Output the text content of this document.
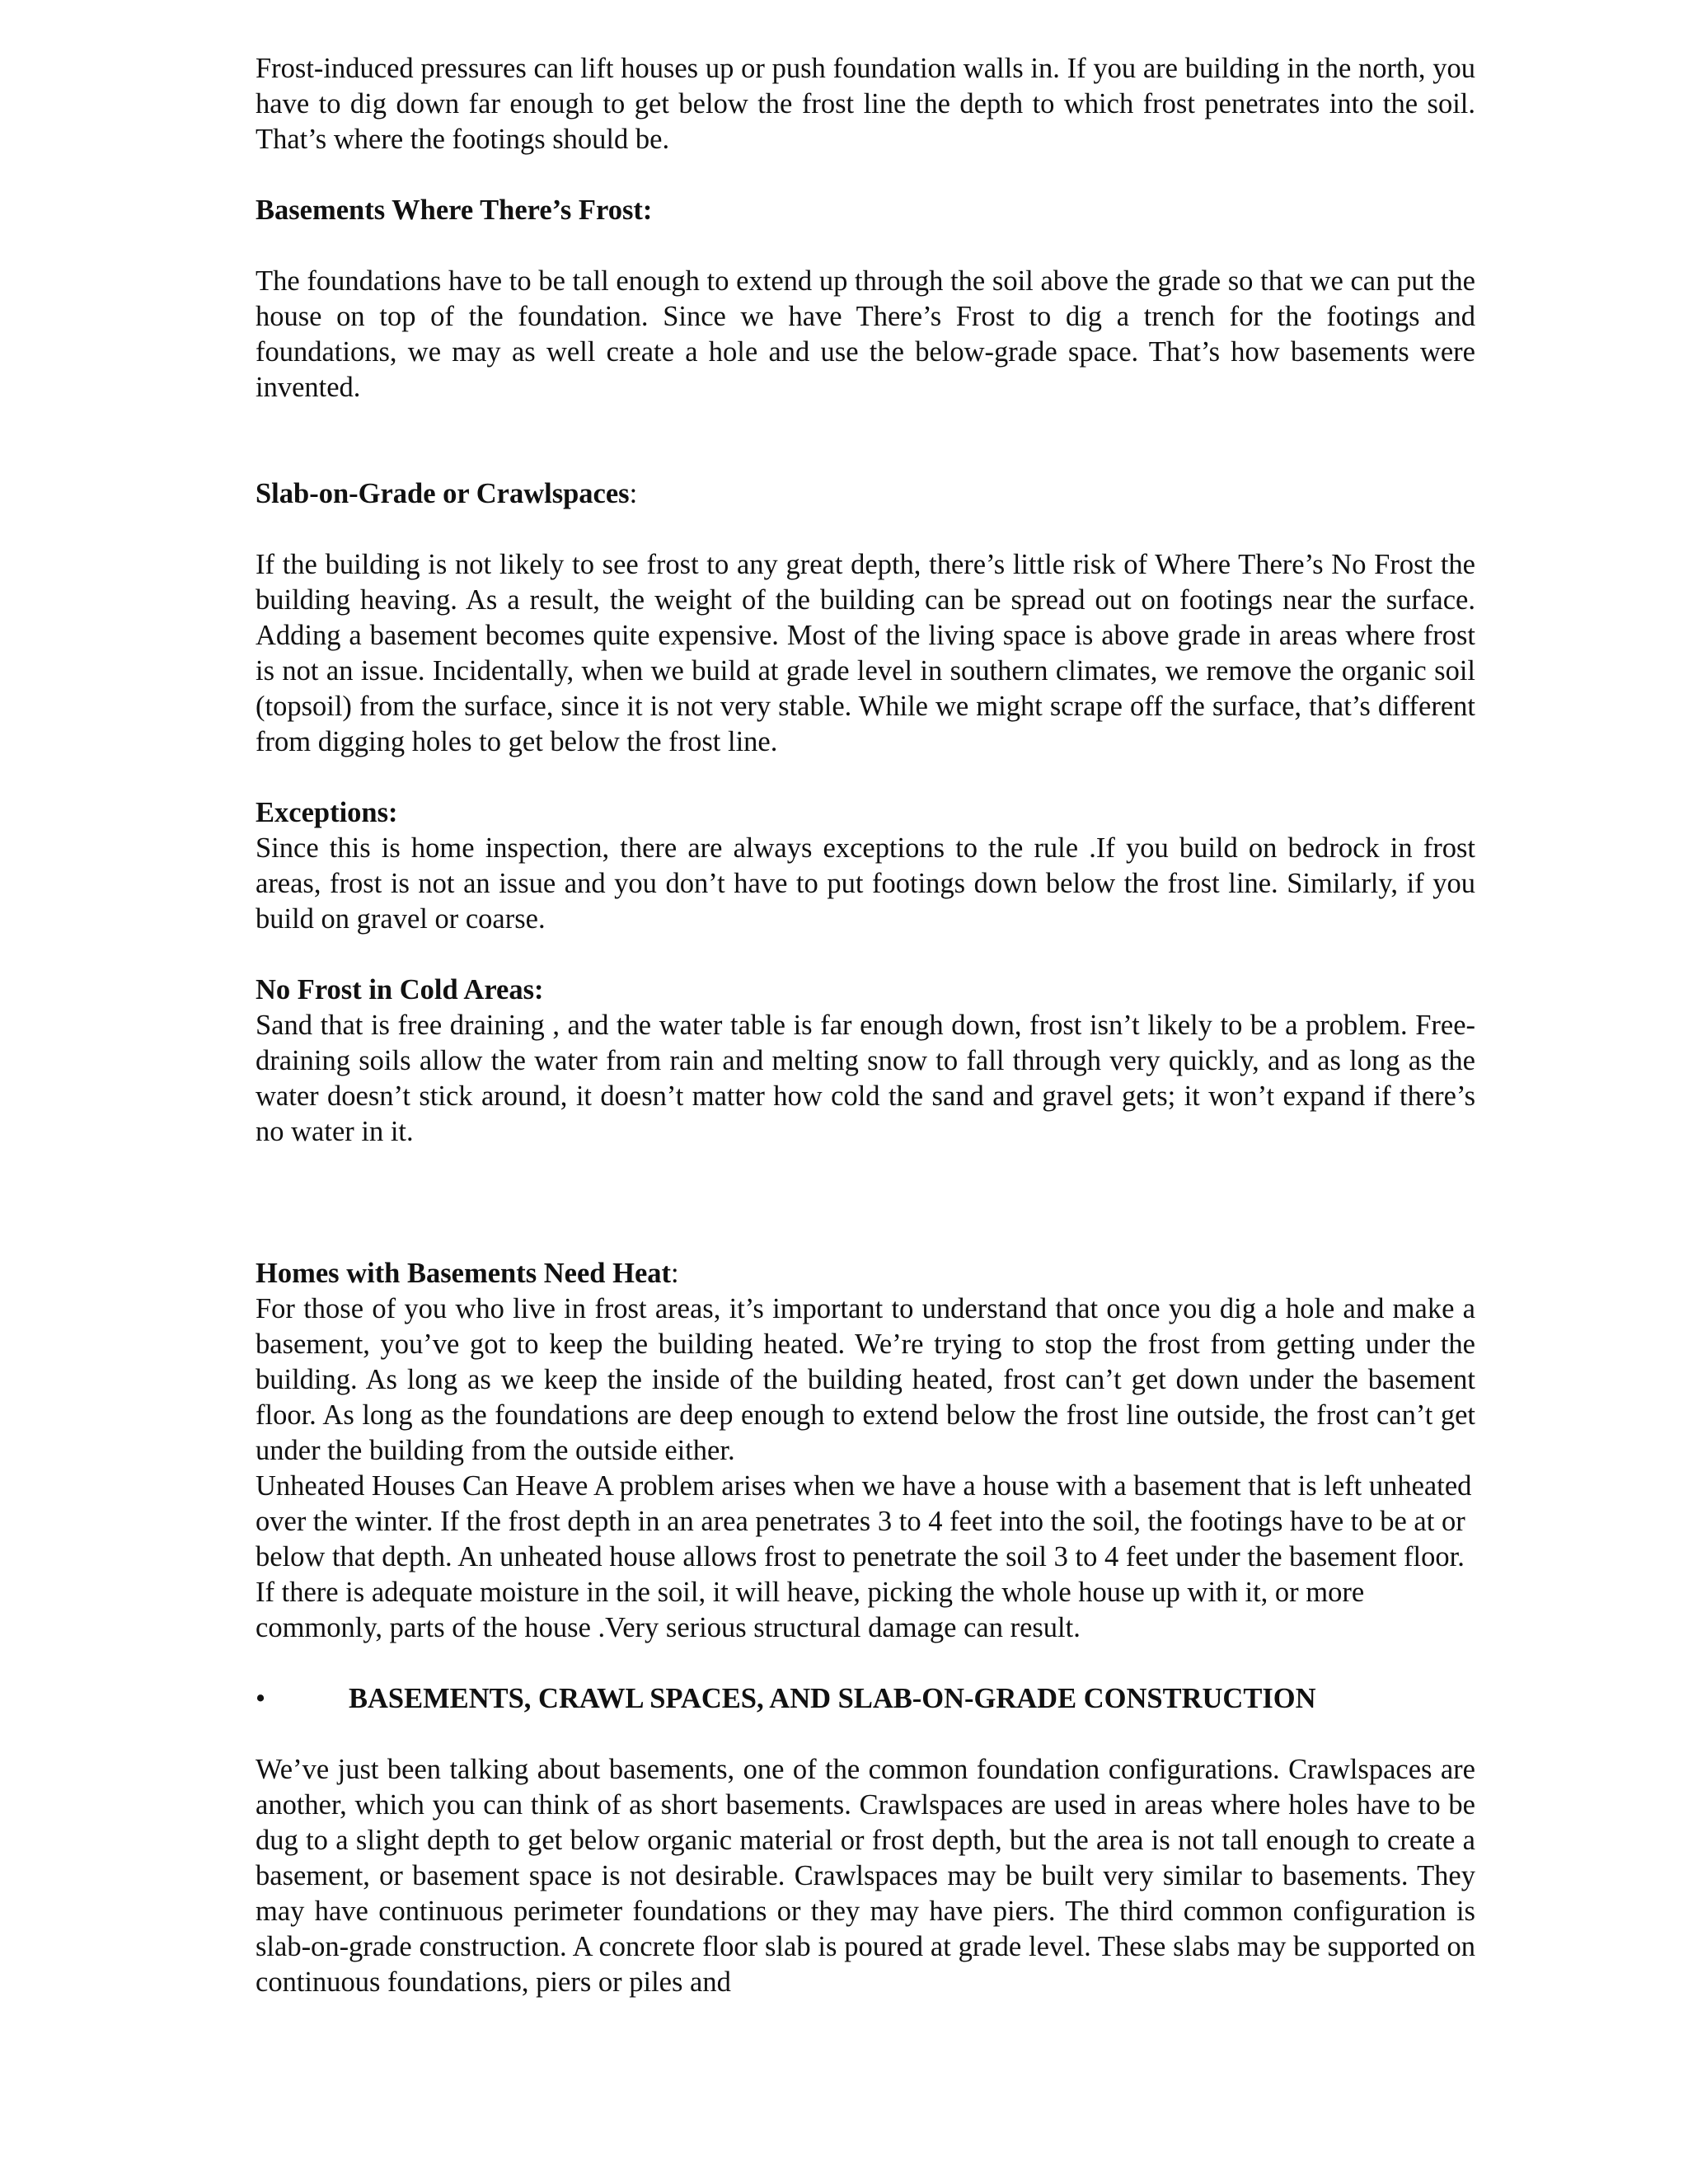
Frost-induced pressures can lift houses up or push foundation walls in. If you are building in the north, you have to dig down far enough to get below the frost line the depth to which frost penetrates into the soil. That’s where the footings should be.

Basements Where There’s Frost:

The foundations have to be tall enough to extend up through the soil above the grade so that we can put the house on top of the foundation. Since we have There’s Frost to dig a trench for the footings and foundations, we may as well create a hole and use the below-grade space. That’s how basements were invented.

Slab-on-Grade or Crawlspaces:

If the building is not likely to see frost to any great depth, there’s little risk of Where There’s No Frost the building heaving. As a result, the weight of the building can be spread out on footings near the surface. Adding a basement becomes quite expensive. Most of the living space is above grade in areas where frost is not an issue. Incidentally, when we build at grade level in southern climates, we remove the organic soil (topsoil) from the surface, since it is not very stable. While we might scrape off the surface, that’s different from digging holes to get below the frost line.

Exceptions:

Since this is home inspection, there are always exceptions to the rule .If you build on bedrock in frost areas, frost is not an issue and you don’t have to put footings down below the frost line. Similarly, if you build on gravel or coarse.

No Frost in Cold Areas:

Sand that is free draining , and the water table is far enough down, frost isn’t likely to be a problem. Free-draining soils allow the water from rain and melting snow to fall through very quickly, and as long as the water doesn’t stick around, it doesn’t matter how cold the sand and gravel gets; it won’t expand if there’s no water in it.

Homes with Basements Need Heat:

For those of you who live in frost areas, it’s important to understand that once you dig a hole and make a basement, you’ve got to keep the building heated. We’re trying to stop the frost from getting under the building. As long as we keep the inside of the building heated, frost can’t get down under the basement floor. As long as the foundations are deep enough to extend below the frost line outside, the frost can’t get under the building from the outside either.

Unheated Houses Can Heave A problem arises when we have a house with a basement that is left unheated over the winter. If the frost depth in an area penetrates 3 to 4 feet into the soil, the footings have to be at or below that depth. An unheated house allows frost to penetrate the soil 3 to 4 feet under the basement floor. If there is adequate moisture in the soil, it will heave, picking the whole house up with it, or more commonly, parts of the house .Very serious structural damage can result.

•	BASEMENTS, CRAWL SPACES, AND SLAB-ON-GRADE CONSTRUCTION

We’ve just been talking about basements, one of the common foundation configurations. Crawlspaces are another, which you can think of as short basements. Crawlspaces are used in areas where holes have to be dug to a slight depth to get below organic material or frost depth, but the area is not tall enough to create a basement, or basement space is not desirable. Crawlspaces may be built very similar to basements. They may have continuous perimeter foundations or they may have piers. The third common configuration is slab-on-grade construction. A concrete floor slab is poured at grade level. These slabs may be supported on continuous foundations, piers or piles and
